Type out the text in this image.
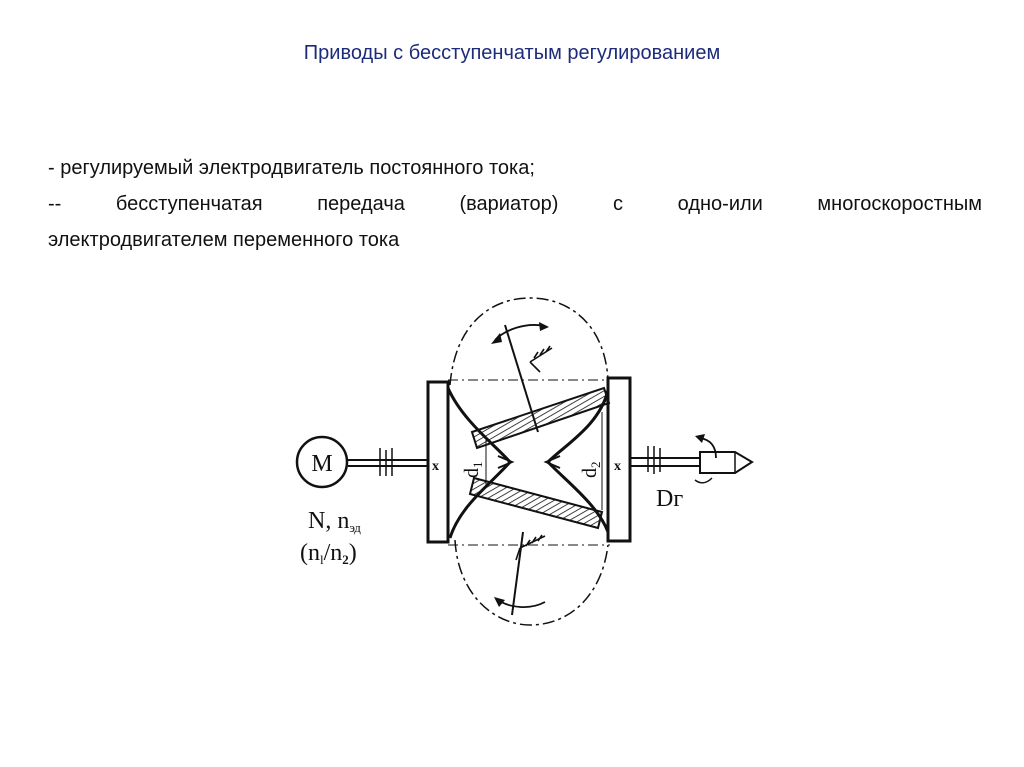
Приводы с бесступенчатым регулированием
- регулируемый электродвигатель постоянного тока;
-- бесступенчатая передача (вариатор) с одно-или многоскоростным
электродвигателем переменного тока
M
N, nэд
(nl/n2)
x	x
$d_1$
$d_2$
Dг
